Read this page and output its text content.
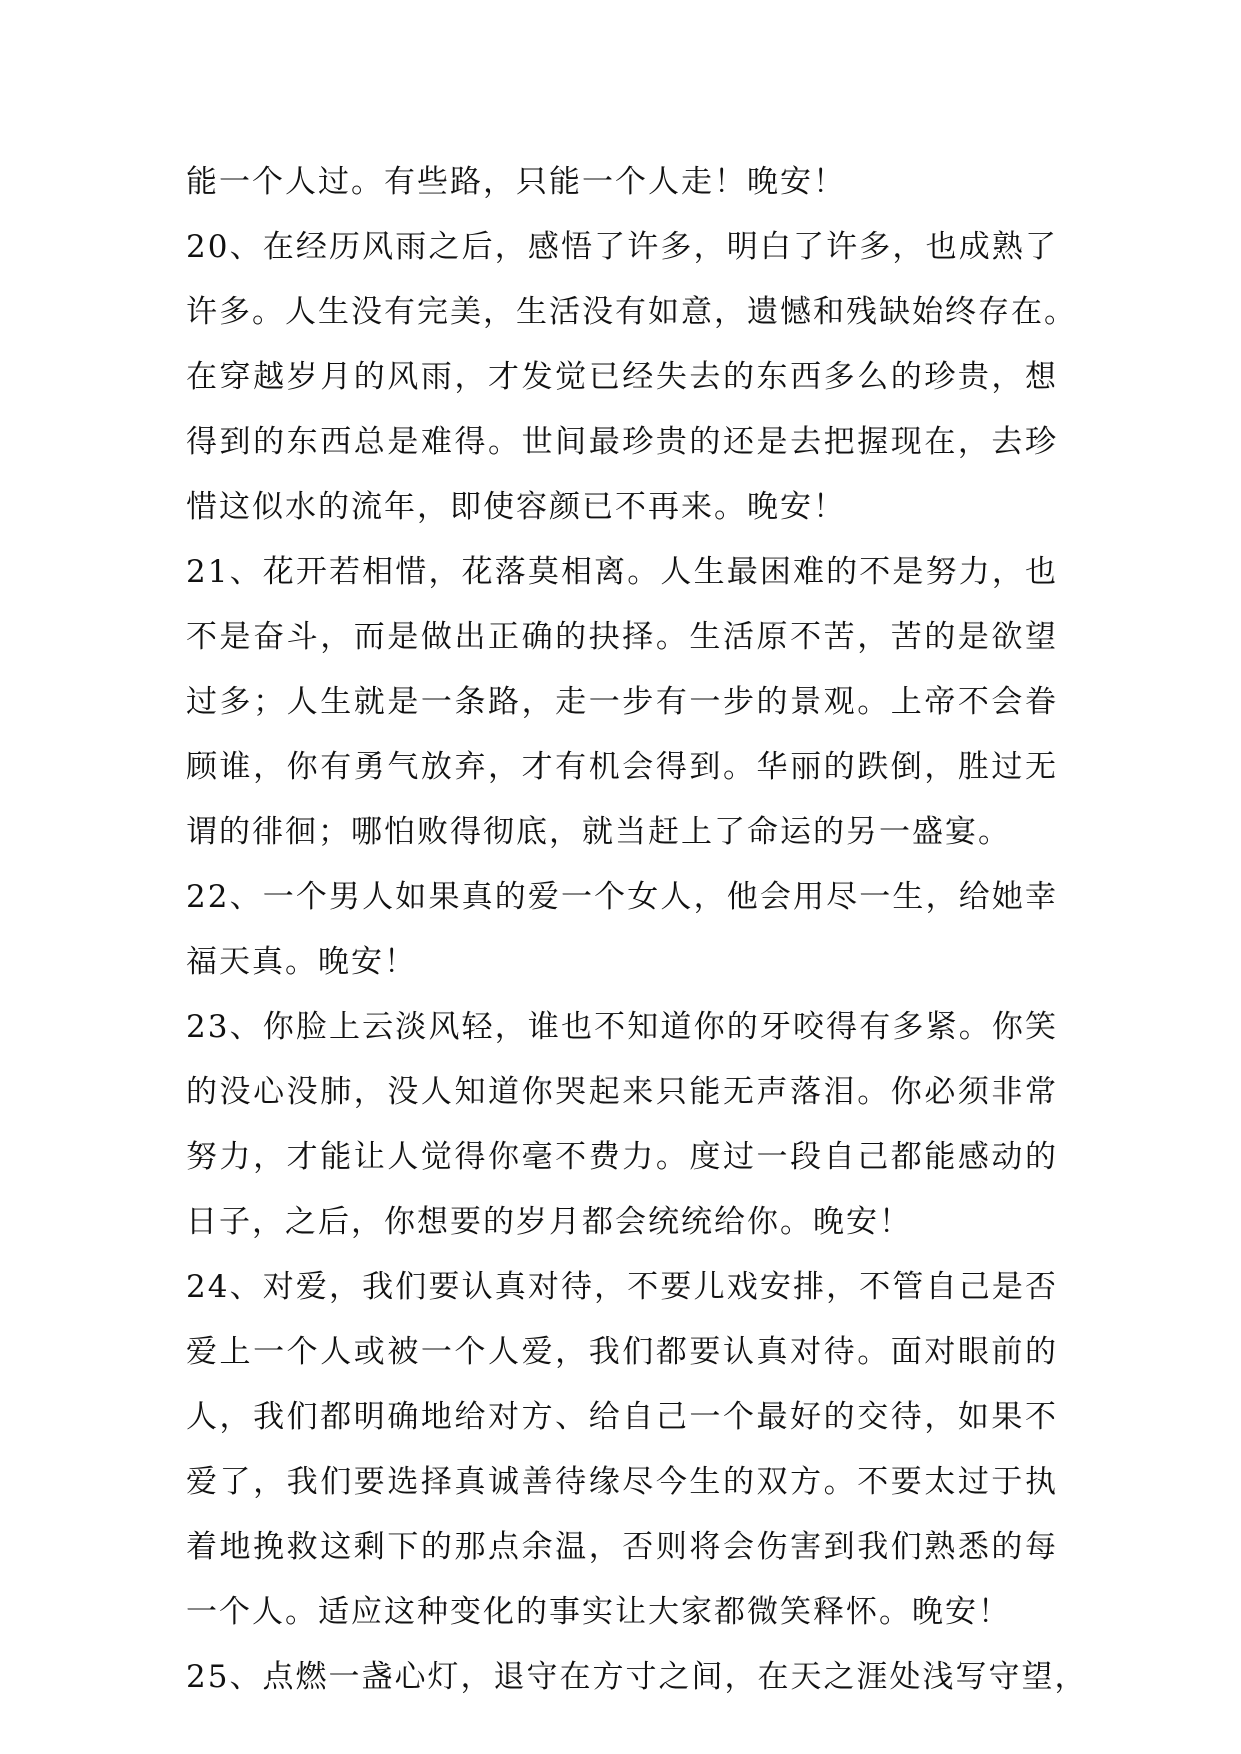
能一个人过。有些路，只能一个人走！晚安！
20、在经历风雨之后，感悟了许多，明白了许多，也成熟了
许多。人生没有完美，生活没有如意，遗憾和残缺始终存在。
在穿越岁月的风雨，才发觉已经失去的东西多么的珍贵，想
得到的东西总是难得。世间最珍贵的还是去把握现在，去珍
惜这似水的流年，即使容颜已不再来。晚安！
21、花开若相惜，花落莫相离。人生最困难的不是努力，也
不是奋斗，而是做出正确的抉择。生活原不苦，苦的是欲望
过多；人生就是一条路，走一步有一步的景观。上帝不会眷
顾谁，你有勇气放弃，才有机会得到。华丽的跌倒，胜过无
谓的徘徊；哪怕败得彻底，就当赶上了命运的另一盛宴。
22、一个男人如果真的爱一个女人，他会用尽一生，给她幸
福天真。晚安！
23、你脸上云淡风轻，谁也不知道你的牙咬得有多紧。你笑
的没心没肺，没人知道你哭起来只能无声落泪。你必须非常
努力，才能让人觉得你毫不费力。度过一段自己都能感动的
日子，之后，你想要的岁月都会统统给你。晚安！
24、对爱，我们要认真对待，不要儿戏安排，不管自己是否
爱上一个人或被一个人爱，我们都要认真对待。面对眼前的
人，我们都明确地给对方、给自己一个最好的交待，如果不
爱了，我们要选择真诚善待缘尽今生的双方。不要太过于执
着地挽救这剩下的那点余温，否则将会伤害到我们熟悉的每
一个人。适应这种变化的事实让大家都微笑释怀。晚安！
25、点燃一盏心灯，退守在方寸之间，在天之涯处浅写守望，
